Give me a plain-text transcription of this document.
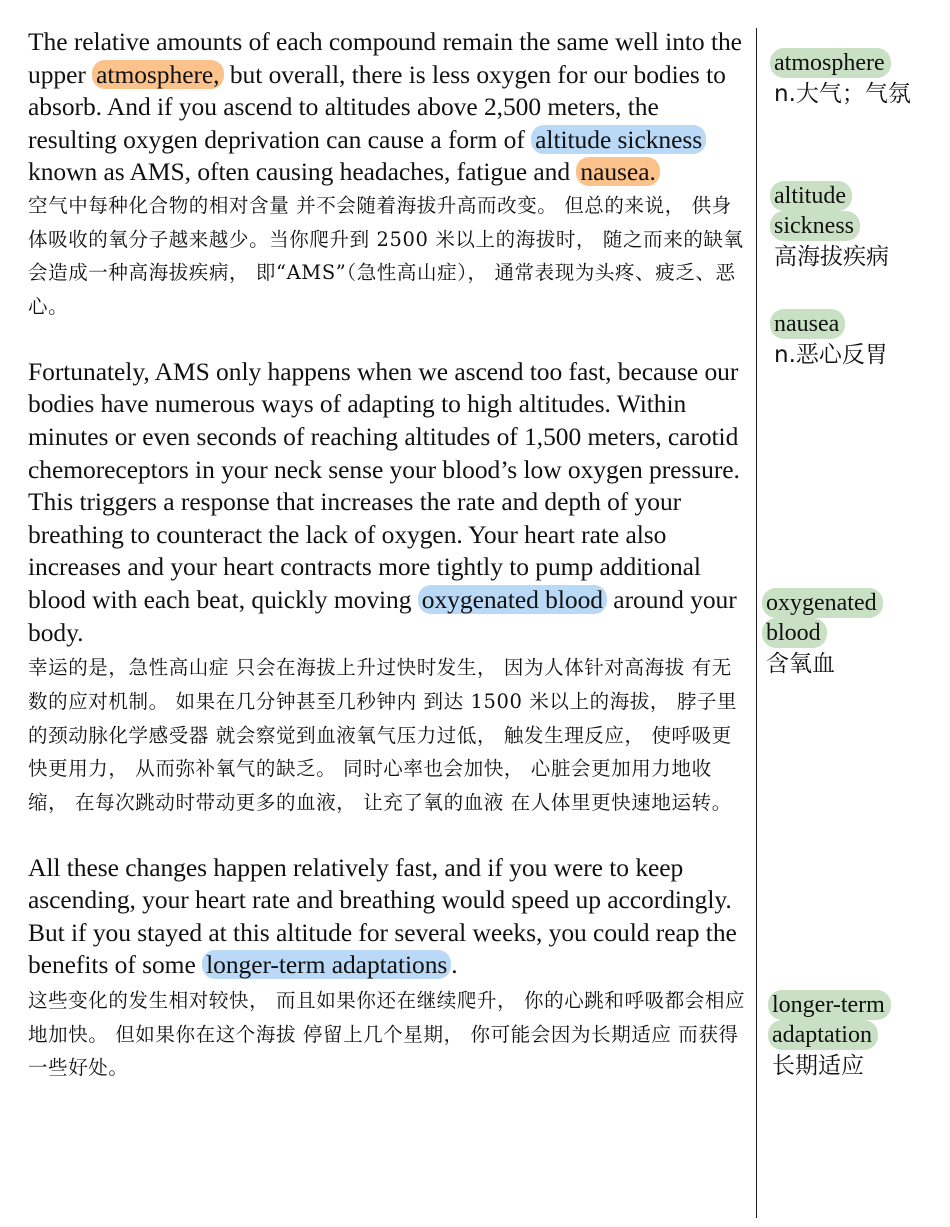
The relative amounts of each compound remain the same well into the upper atmosphere, but overall, there is less oxygen for our bodies to absorb. And if you ascend to altitudes above 2,500 meters, the resulting oxygen deprivation can cause a form of altitude sickness known as AMS, often causing headaches, fatigue and nausea.

空气中每种化合物的相对含量 并不会随着海拔升高而改变。 但总的来说， 供身体吸收的氧分子越来越少。当你爬升到 2500 米以上的海拔时， 随之而来的缺氧 会造成一种高海拔疾病， 即“AMS”（急性高山症）， 通常表现为头疼、疲乏、恶心。

Fortunately, AMS only happens when we ascend too fast, because our bodies have numerous ways of adapting to high altitudes. Within minutes or even seconds of reaching altitudes of 1,500 meters, carotid chemoreceptors in your neck sense your blood’s low oxygen pressure. This triggers a response that increases the rate and depth of your breathing to counteract the lack of oxygen. Your heart rate also increases and your heart contracts more tightly to pump additional blood with each beat, quickly moving oxygenated blood around your body.

幸运的是，急性高山症 只会在海拔上升过快时发生， 因为人体针对高海拔 有无数的应对机制。 如果在几分钟甚至几秒钟内 到达 1500 米以上的海拔， 脖子里的颈动脉化学感受器 就会察觉到血液氧气压力过低， 触发生理反应， 使呼吸更快更用力， 从而弥补氧气的缺乏。 同时心率也会加快， 心脏会更加用力地收缩， 在每次跳动时带动更多的血液， 让充了氧的血液 在人体里更快速地运转。

All these changes happen relatively fast, and if you were to keep ascending, your heart rate and breathing would speed up accordingly. But if you stayed at this altitude for several weeks, you could reap the benefits of some longer-term adaptations .

这些变化的发生相对较快， 而且如果你还在继续爬升， 你的心跳和呼吸都会相应地加快。 但如果你在这个海拔 停留上几个星期， 你可能会因为长期适应 而获得一些好处。

atmosphere
n.大气；气氛
altitude
sickness
高海拔疾病
nausea
n.恶心反胃
oxygenated
blood
含氧血
longer-term
adaptation
长期适应
